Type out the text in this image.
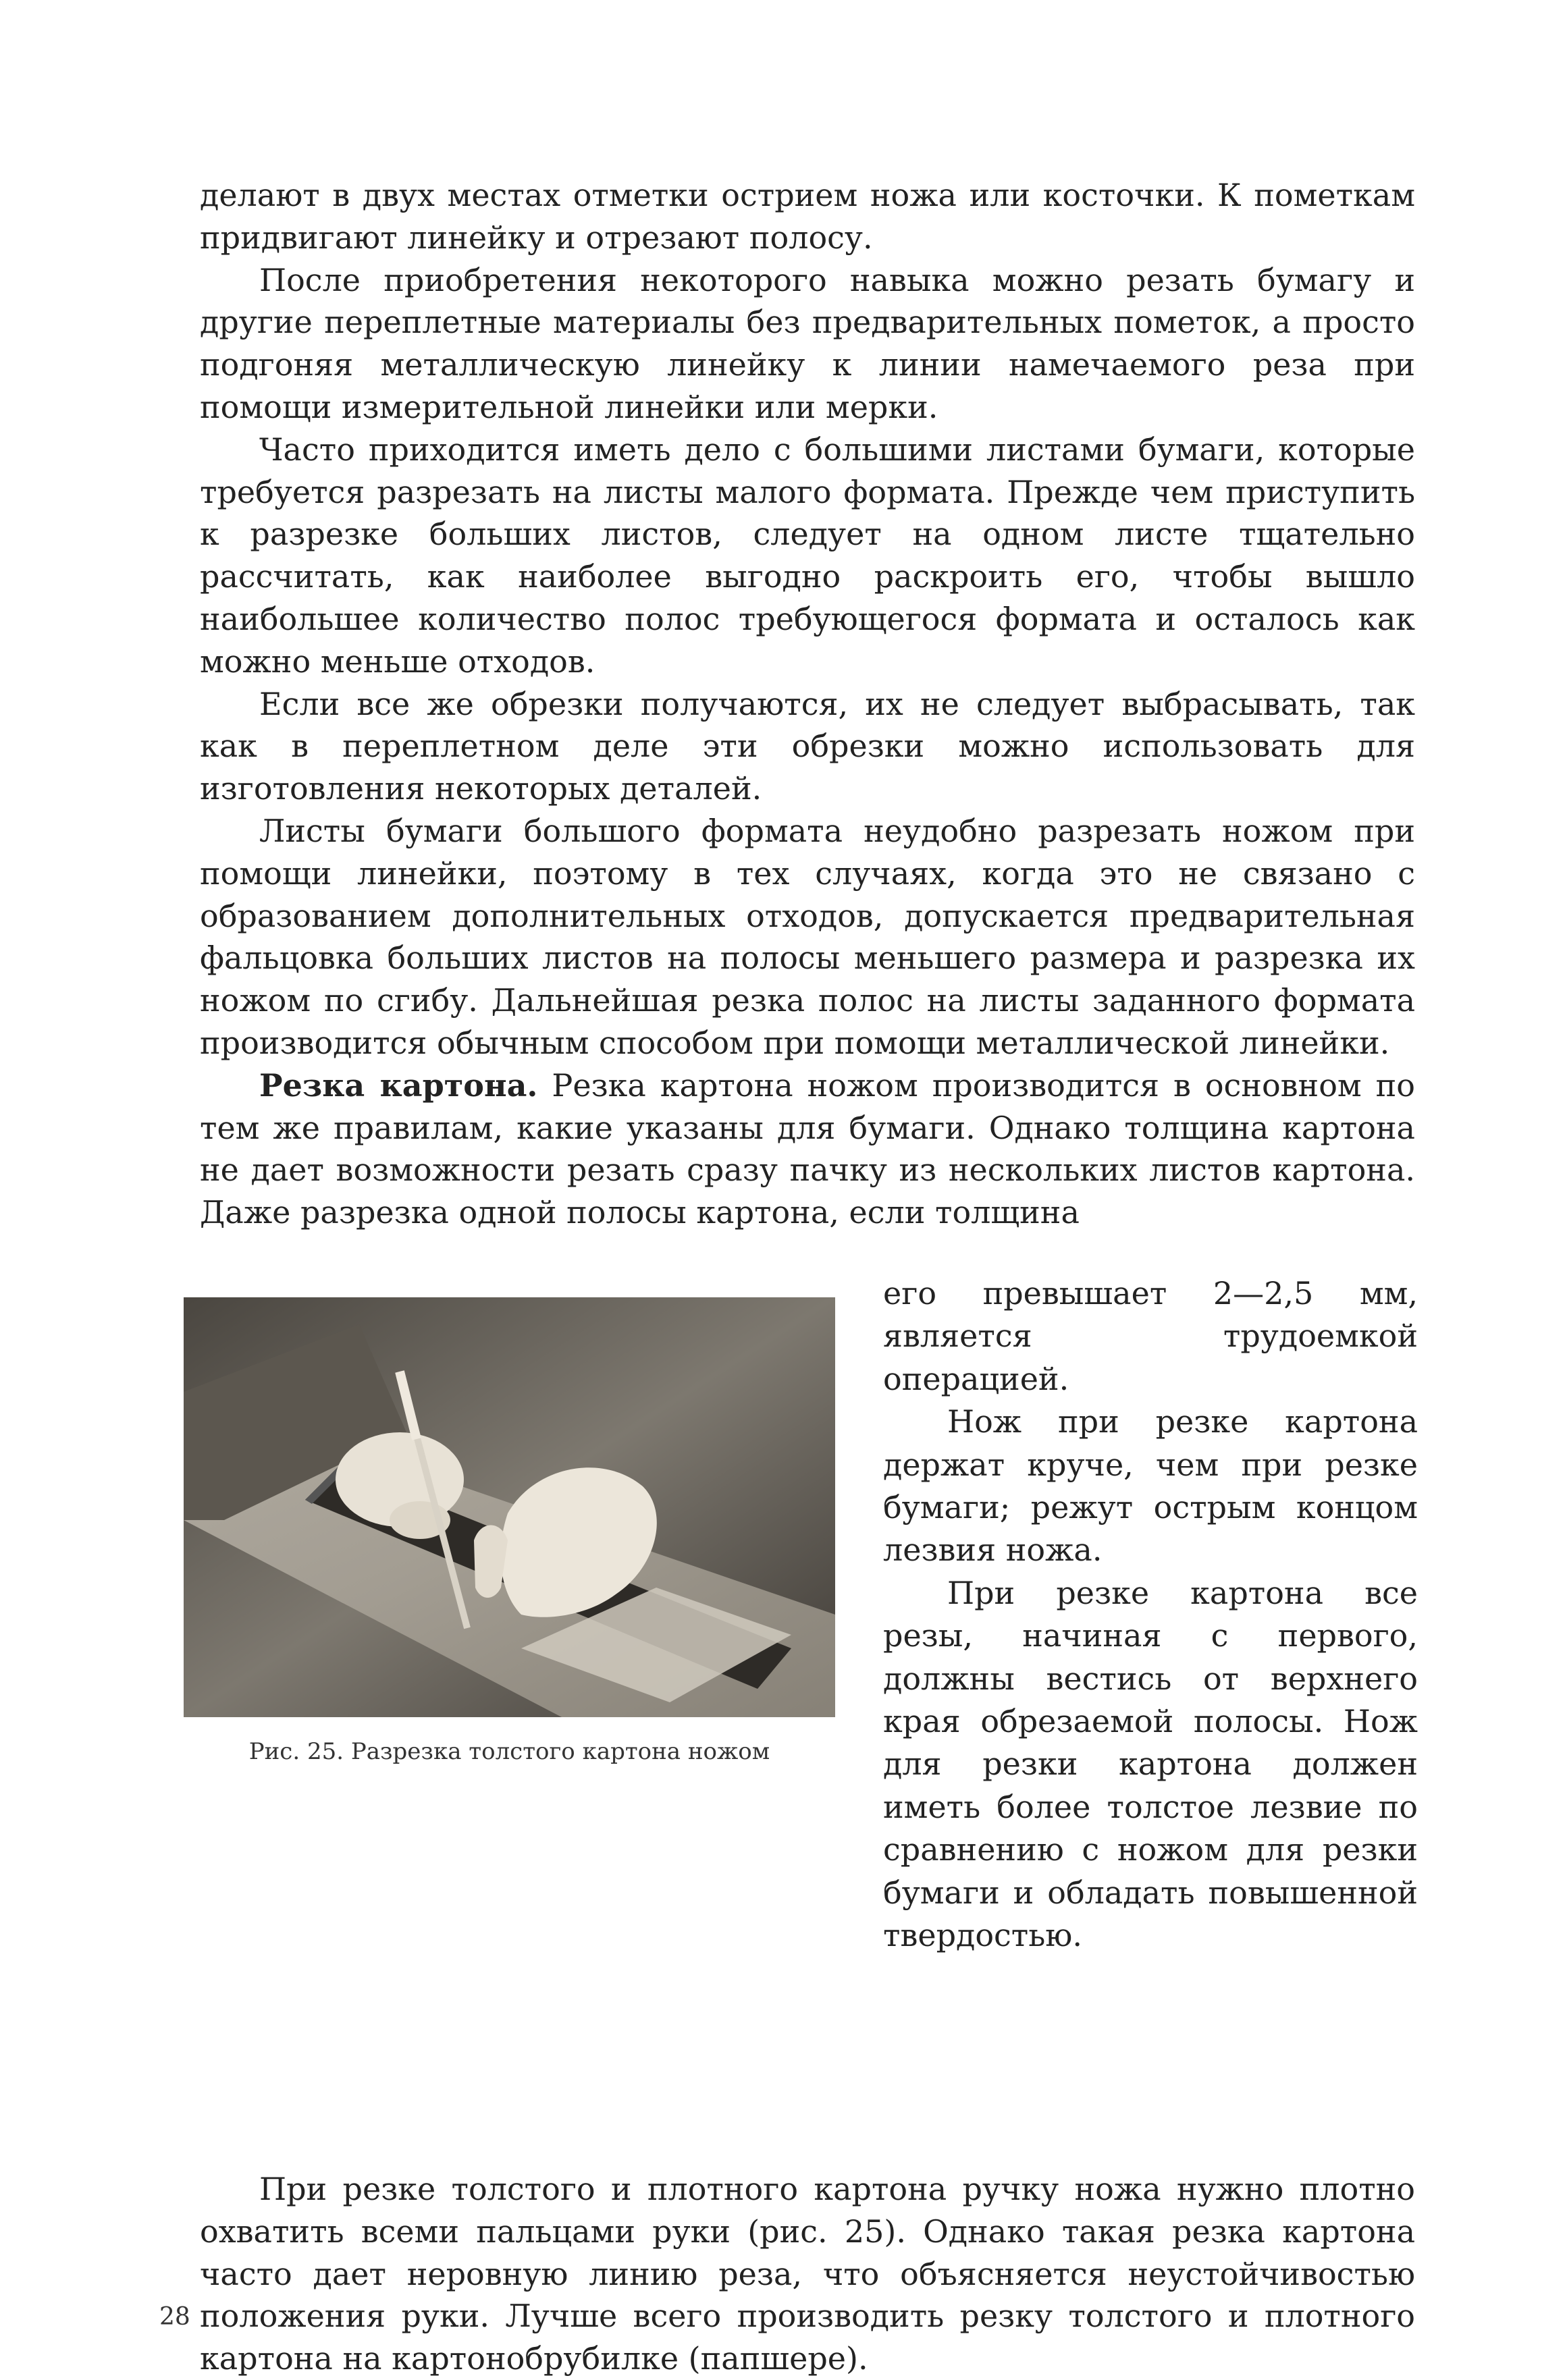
делают в двух местах отметки острием ножа или косточки. К пометкам придвигают линейку и отрезают полосу.

После приобретения некоторого навыка можно резать бумагу и другие переплетные материалы без предварительных пометок, а просто подгоняя металлическую линейку к линии намечаемого реза при помощи измерительной линейки или мерки.

Часто приходится иметь дело с большими листами бумаги, которые требуется разрезать на листы малого формата. Прежде чем приступить к разрезке больших листов, следует на одном листе тщательно рассчитать, как наиболее выгодно раскроить его, чтобы вышло наибольшее количество полос требующегося формата и осталось как можно меньше отходов.

Если все же обрезки получаются, их не следует выбрасывать, так как в переплетном деле эти обрезки можно использовать для изготовления некоторых деталей.

Листы бумаги большого формата неудобно разрезать ножом при помощи линейки, поэтому в тех случаях, когда это не связано с образованием дополнительных отходов, допускается предварительная фальцовка больших листов на полосы меньшего размера и разрезка их ножом по сгибу. Дальнейшая резка полос на листы заданного формата производится обычным способом при помощи металлической линейки.

Резка картона. Резка картона ножом производится в основном по тем же правилам, какие указаны для бумаги. Однако толщина картона не дает возможности резать сразу пачку из нескольких листов картона. Даже разрезка одной полосы картона, если толщина

Рис. 25. Разрезка толстого картона ножом

его превышает 2—2,5 мм, является трудоемкой операцией.

Нож при резке картона держат круче, чем при резке бумаги; режут острым концом лезвия ножа.

При резке картона все резы, начиная с первого, должны вестись от верхнего края обрезаемой полосы. Нож для резки картона должен иметь более толстое лезвие по сравнению с ножом для резки бумаги и обладать повышенной твердостью.

При резке толстого и плотного картона ручку ножа нужно плотно охватить всеми пальцами руки (рис. 25). Однако такая резка картона часто дает неровную линию реза, что объясняется неустойчивостью положения руки. Лучше всего производить резку толстого и плотного картона на картонобрубилке (папшере).

28
